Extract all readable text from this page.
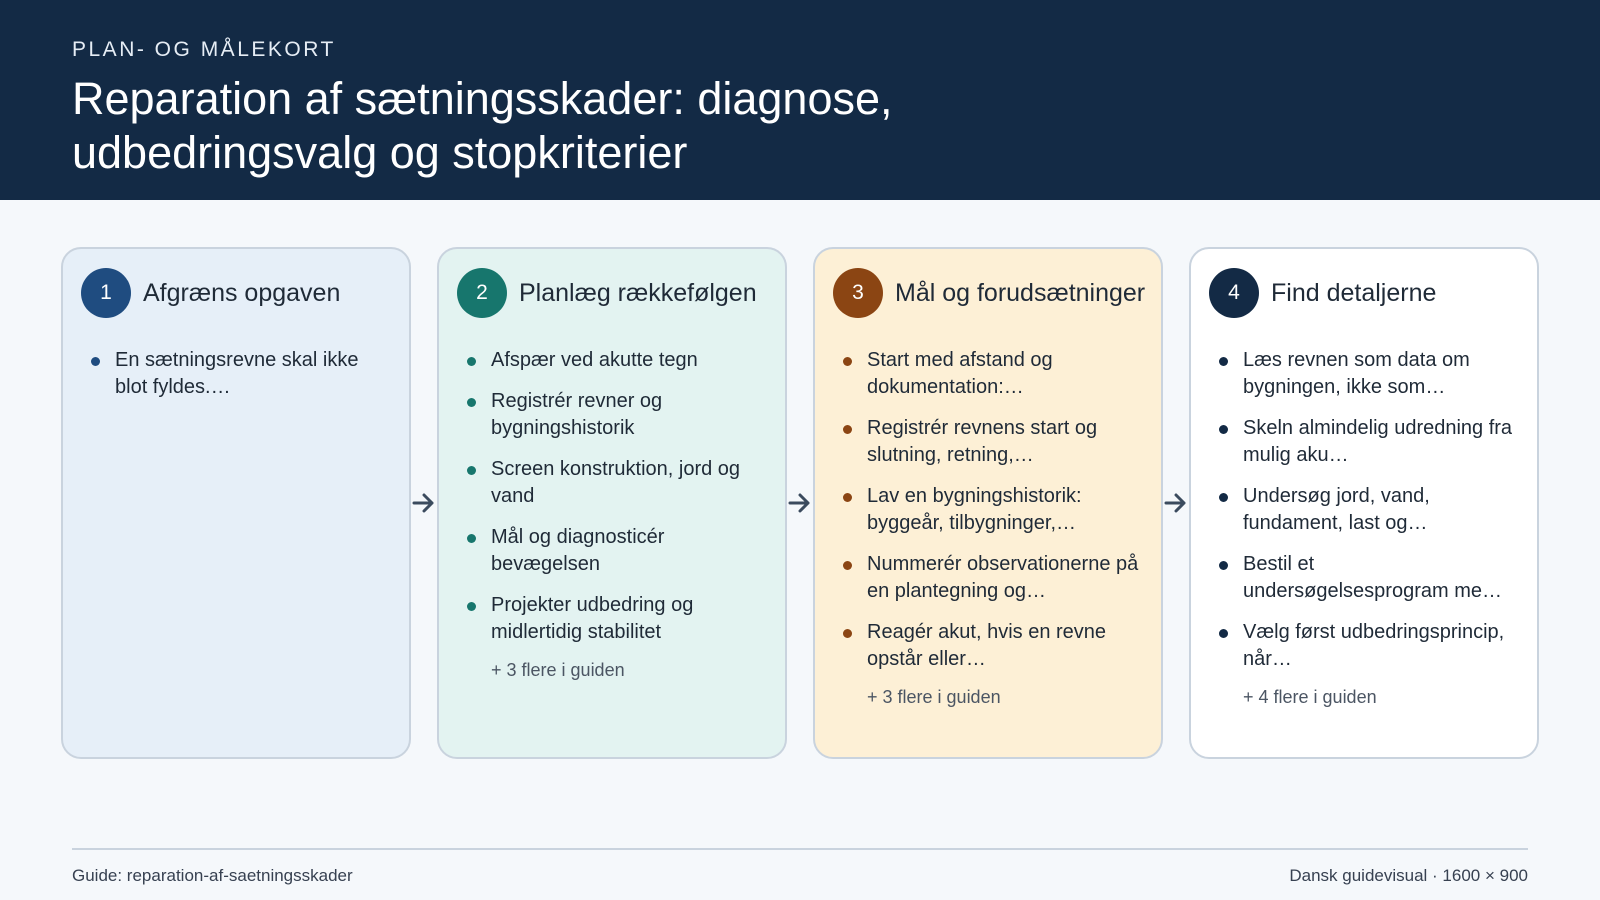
PLAN- OG MÅLEKORT
Reparation af sætningsskader: diagnose, udbedringsvalg og stopkriterier
1	Afgræns opgaven
En sætningsrevne skal ikke blot fyldes.…
2	Planlæg rækkefølgen
Afspær ved akutte tegn
Registrér revner og bygningshistorik
Screen konstruktion, jord og vand
Mål og diagnosticér bevægelsen
Projekter udbedring og midlertidig stabilitet
+ 3 flere i guiden
3	Mål og forudsætninger
Start med afstand og dokumentation:…
Registrér revnens start og slutning, retning,…
Lav en bygningshistorik: byggeår, tilbygninger,…
Nummerér observationerne på en plantegning og…
Reagér akut, hvis en revne opstår eller…
+ 3 flere i guiden
4	Find detaljerne
Læs revnen som data om bygningen, ikke som…
Skeln almindelig udredning fra mulig aku…
Undersøg jord, vand, fundament, last og…
Bestil et undersøgelsesprogram me…
Vælg først udbedringsprincip, når…
+ 4 flere i guiden
Guide: reparation-af-saetningsskader	Dansk guidevisual · 1600 × 900
